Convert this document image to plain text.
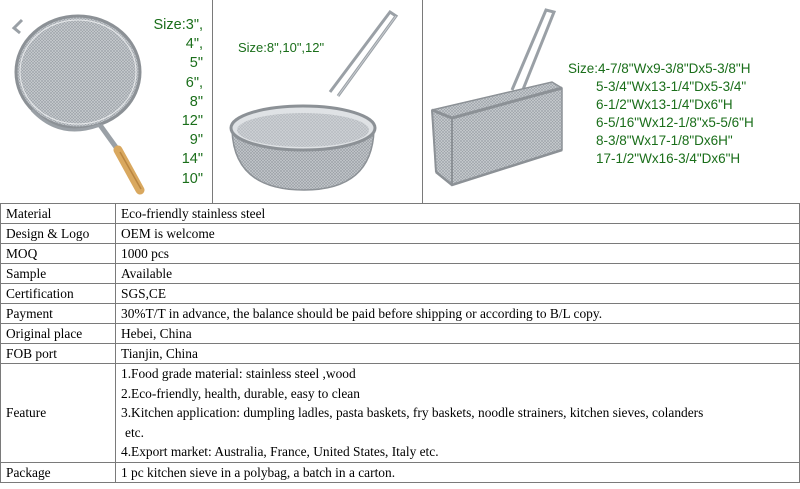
Size:3",
4",
5"
6",
8"
12"
9"
14"
10"
Size:8",10",12"
Size:4-7/8"Wx9-3/8"Dx5-3/8"H
5-3/4"Wx13-1/4"Dx5-3/4"
6-1/2"Wx13-1/4"Dx6"H
6-5/16"Wx12-1/8"x5-5/6"H
8-3/8"Wx17-1/8"Dx6H"
17-1/2"Wx16-3/4"Dx6"H
Material	Eco-friendly stainless steel
Design & Logo	OEM is welcome
MOQ	1000 pcs
Sample	Available
Certification	SGS,CE
Payment	30%T/T in advance, the balance should be paid before shipping or according to B/L copy.
Original place	Hebei, China
FOB port	Tianjin, China
Feature	1.Food grade material: stainless steel ,wood
2.Eco-friendly, health, durable, easy to clean
3.Kitchen application: dumpling ladles, pasta baskets, fry baskets, noodle strainers, kitchen sieves, colanders
etc.
4.Export market: Australia, France, United States, Italy etc.

Package	1 pc kitchen sieve in a polybag, a batch in a carton.
